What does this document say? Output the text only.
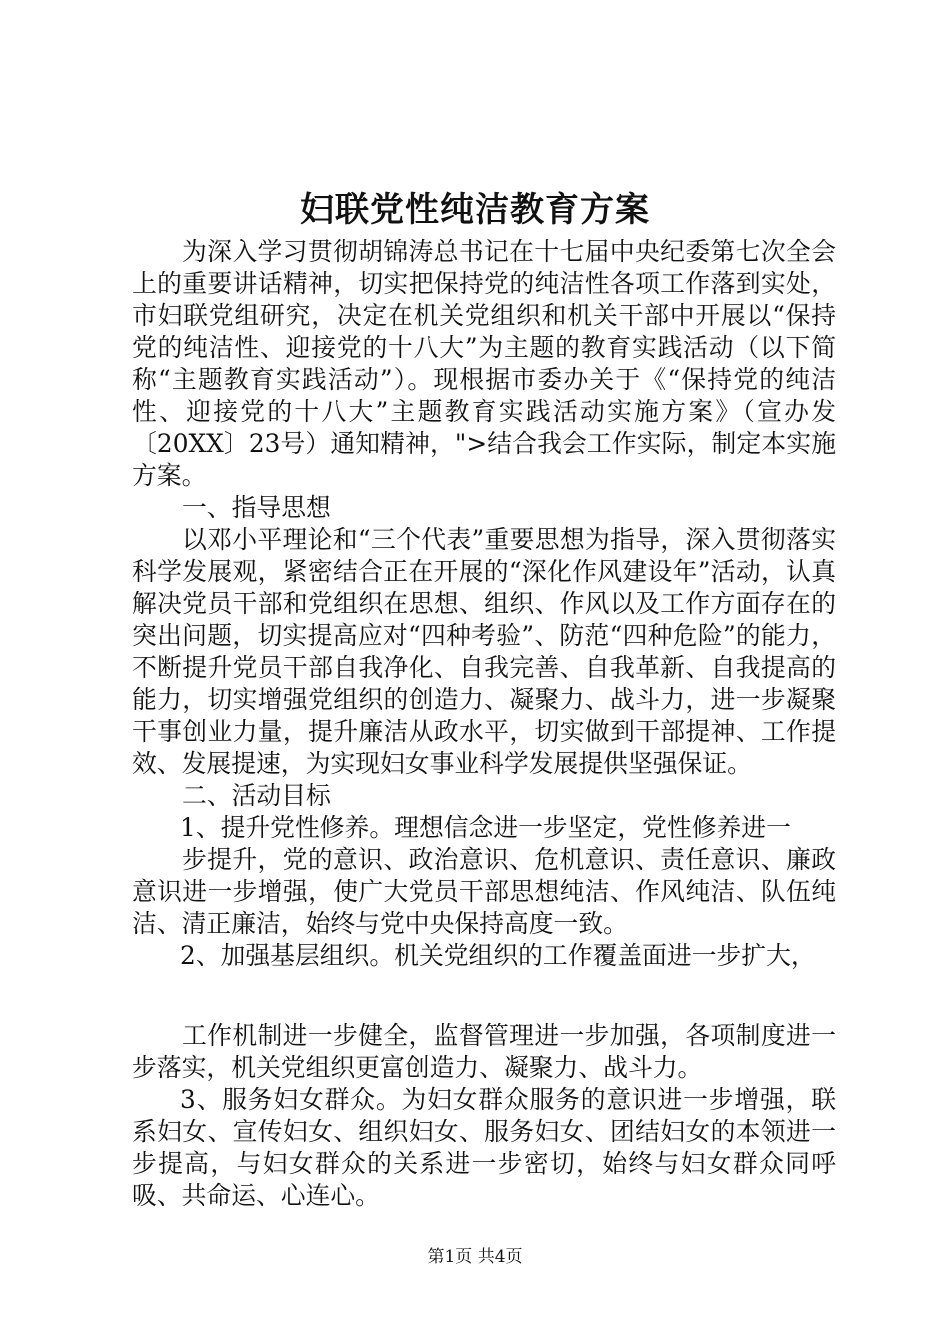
妇联党性纯洁教育方案

为深入学习贯彻胡锦涛总书记在十七届中央纪委第七次全会上的重要讲话精神，切实把保持党的纯洁性各项工作落到实处，市妇联党组研究，决定在机关党组织和机关干部中开展以“保持党的纯洁性、迎接党的十八大”为主题的教育实践活动（以下简称“主题教育实践活动”）。现根据市委办关于《“保持党的纯洁性、迎接党的十八大”主题教育实践活动实施方案》（宣办发〔20XX〕23号）通知精神，">结合我会工作实际，制定本实施方案。

一、指导思想

以邓小平理论和“三个代表”重要思想为指导，深入贯彻落实科学发展观，紧密结合正在开展的“深化作风建设年”活动，认真解决党员干部和党组织在思想、组织、作风以及工作方面存在的突出问题，切实提高应对“四种考验”、防范“四种危险”的能力，不断提升党员干部自我净化、自我完善、自我革新、自我提高的能力，切实增强党组织的创造力、凝聚力、战斗力，进一步凝聚干事创业力量，提升廉洁从政水平，切实做到干部提神、工作提效、发展提速，为实现妇女事业科学发展提供坚强保证。

二、活动目标

1、提升党性修养。理想信念进一步坚定，党性修养进一

步提升，党的意识、政治意识、危机意识、责任意识、廉政意识进一步增强，使广大党员干部思想纯洁、作风纯洁、队伍纯洁、清正廉洁，始终与党中央保持高度一致。

2、加强基层组织。机关党组织的工作覆盖面进一步扩大，

工作机制进一步健全，监督管理进一步加强，各项制度进一步落实，机关党组织更富创造力、凝聚力、战斗力。

3、服务妇女群众。为妇女群众服务的意识进一步增强，联系妇女、宣传妇女、组织妇女、服务妇女、团结妇女的本领进一步提高，与妇女群众的关系进一步密切，始终与妇女群众同呼吸、共命运、心连心。

第1页 共4页
